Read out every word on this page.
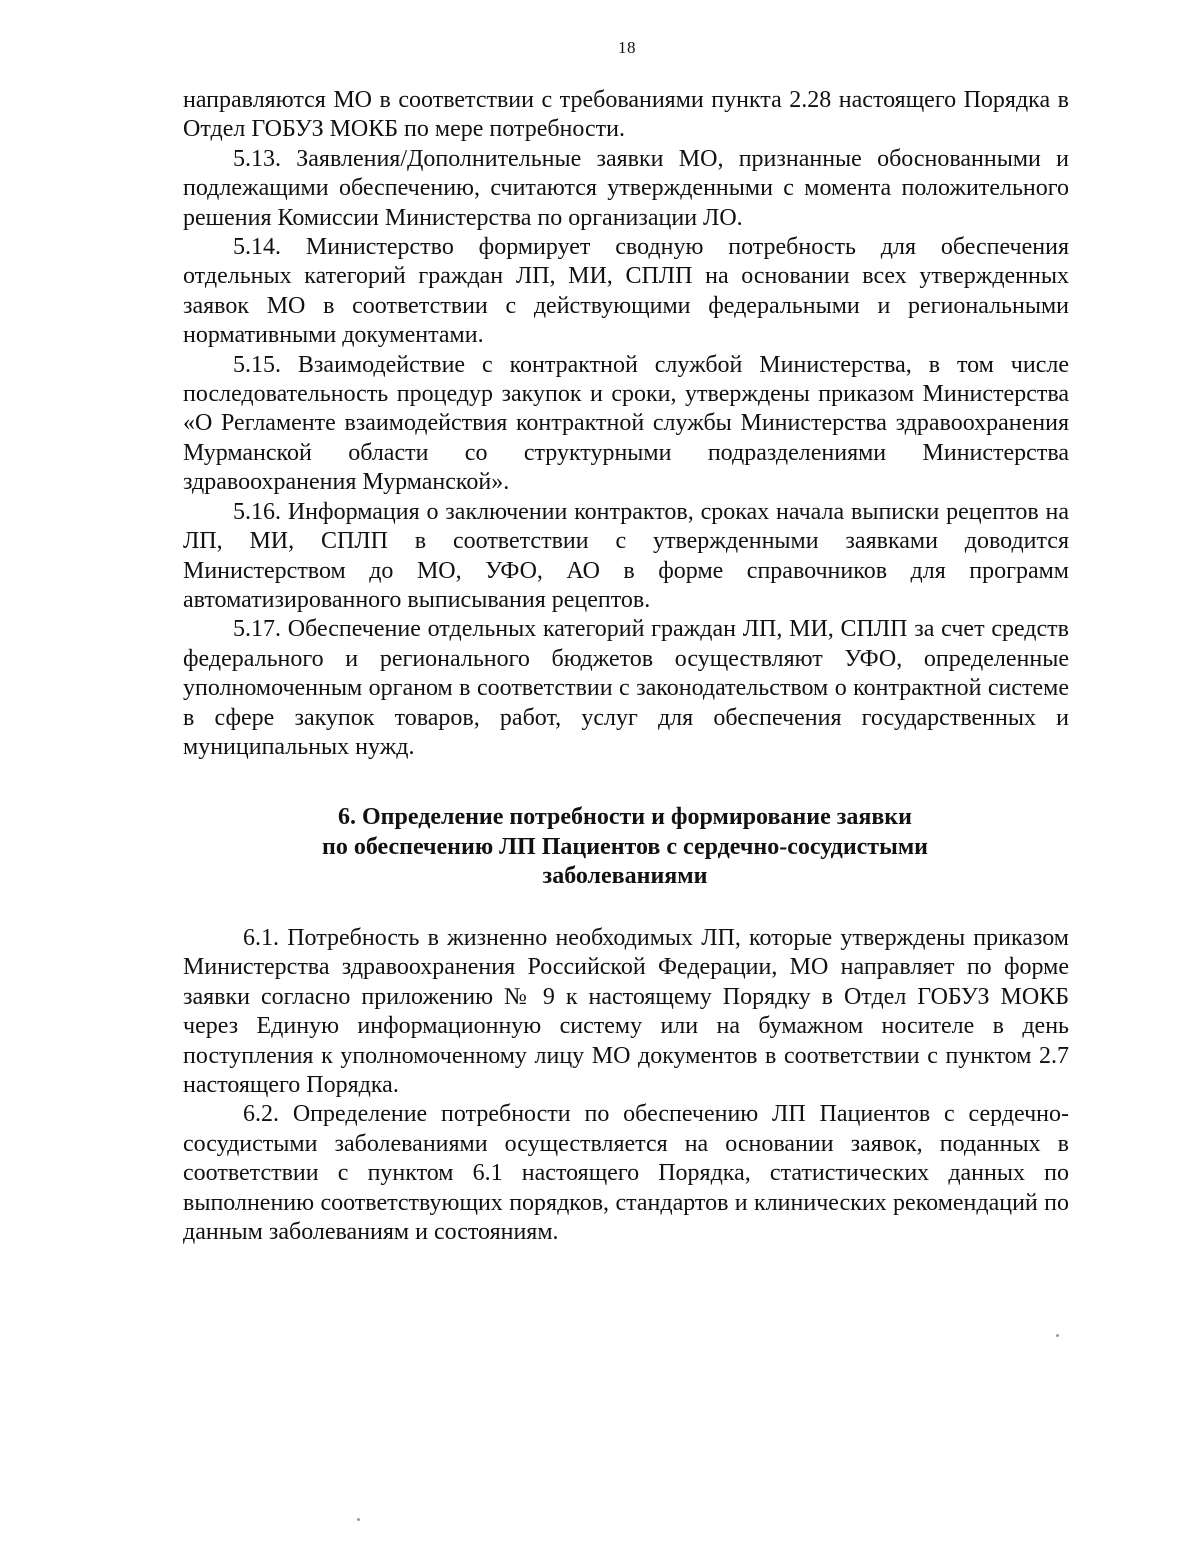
18

направляются МО в соответствии с требованиями пункта 2.28 настоящего Порядка в Отдел ГОБУЗ МОКБ по мере потребности.

5.13. Заявления/Дополнительные заявки МО, признанные обоснованными и подлежащими обеспечению, считаются утвержденными с момента положительного решения Комиссии Министерства по организации ЛО.

5.14. Министерство формирует сводную потребность для обеспечения отдельных категорий граждан ЛП, МИ, СПЛП на основании всех утвержденных заявок МО в соответствии с действующими федеральными и региональными нормативными документами.

5.15. Взаимодействие с контрактной службой Министерства, в том числе последовательность процедур закупок и сроки, утверждены приказом Министерства «О Регламенте взаимодействия контрактной службы Министерства здравоохранения Мурманской области со структурными подразделениями Министерства здравоохранения Мурманской».

5.16. Информация о заключении контрактов, сроках начала выписки рецептов на ЛП, МИ, СПЛП в соответствии с утвержденными заявками доводится Министерством до МО, УФО, АО в форме справочников для программ автоматизированного выписывания рецептов.

5.17. Обеспечение отдельных категорий граждан ЛП, МИ, СПЛП за счет средств федерального и регионального бюджетов осуществляют УФО, определенные уполномоченным органом в соответствии с законодательством о контрактной системе в сфере закупок товаров, работ, услуг для обеспечения государственных и муниципальных нужд.

6. Определение потребности и формирование заявки
по обеспечению ЛП Пациентов с сердечно-сосудистыми
заболеваниями

6.1. Потребность в жизненно необходимых ЛП, которые утверждены приказом Министерства здравоохранения Российской Федерации, МО направляет по форме заявки согласно приложению № 9 к настоящему Порядку в Отдел ГОБУЗ МОКБ через Единую информационную систему или на бумажном носителе в день поступления к уполномоченному лицу МО документов в соответствии с пунктом 2.7 настоящего Порядка.

6.2. Определение потребности по обеспечению ЛП Пациентов с сердечно-сосудистыми заболеваниями осуществляется на основании заявок, поданных в соответствии с пунктом 6.1 настоящего Порядка, статистических данных по выполнению соответствующих порядков, стандартов и клинических рекомендаций по данным заболеваниям и состояниям.
